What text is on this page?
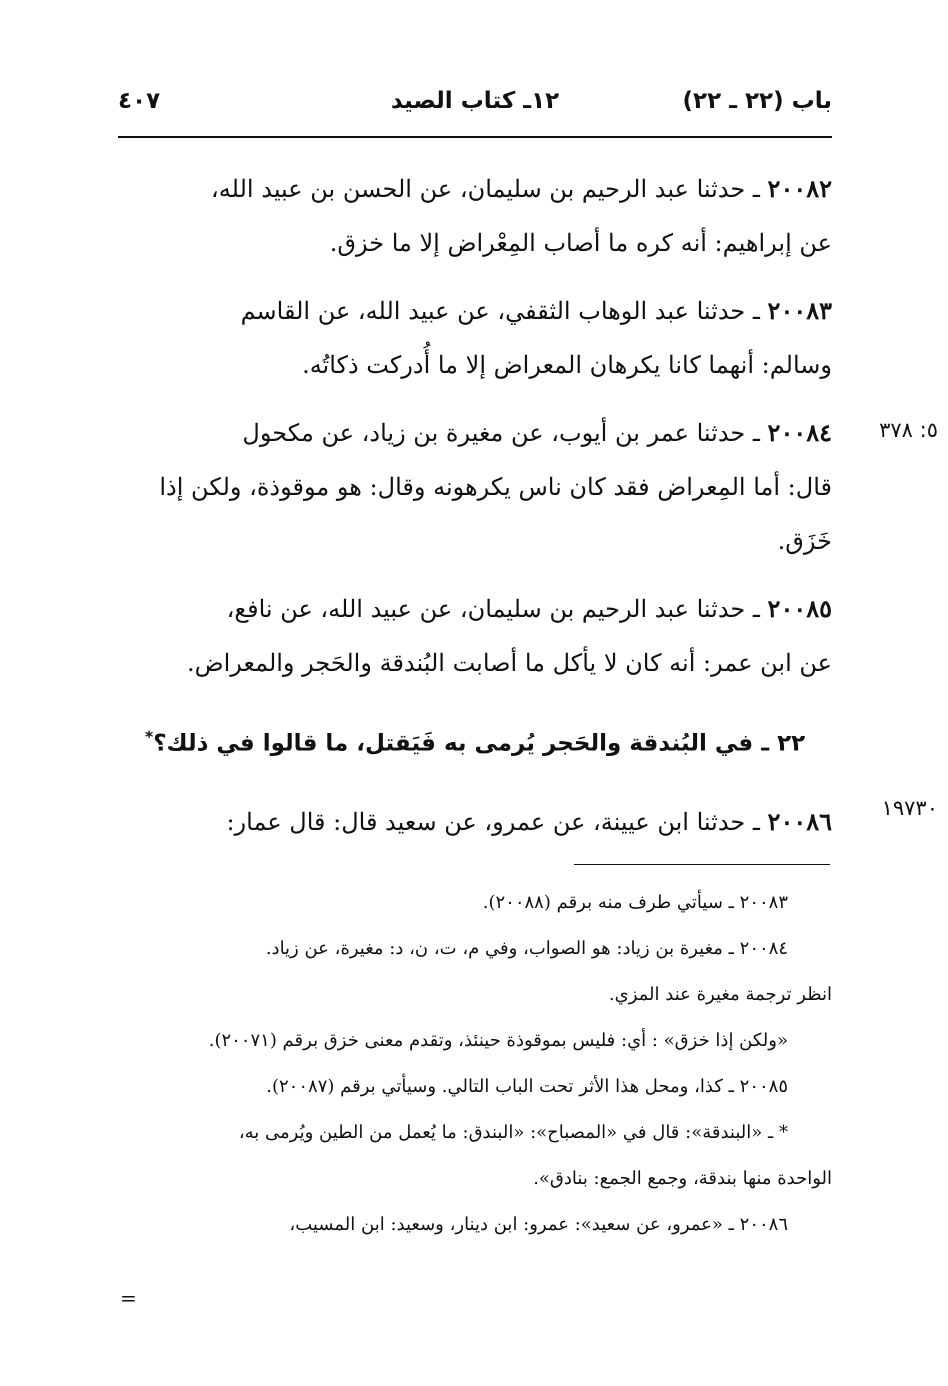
باب (٢٢ ـ ٢٢)
١٢ـ كتاب الصيد
٤٠٧
٢٠٠٨٢ ـ حدثنا عبد الرحيم بن سليمان، عن الحسن بن عبيد الله،
عن إبراهيم: أنه كره ما أصاب المِعْراض إلا ما خزق.
٢٠٠٨٣ ـ حدثنا عبد الوهاب الثقفي، عن عبيد الله، عن القاسم
وسالم: أنهما كانا يكرهان المعراض إلا ما أُدركت ذكاتُه.
٢٠٠٨٤ ـ حدثنا عمر بن أيوب، عن مغيرة بن زياد، عن مكحول
قال: أما المِعراض فقد كان ناس يكرهونه وقال: هو موقوذة، ولكن إذا
خَزَق.
٢٠٠٨٥ ـ حدثنا عبد الرحيم بن سليمان، عن عبيد الله، عن نافع،
عن ابن عمر: أنه كان لا يأكل ما أصابت البُندقة والحَجر والمعراض.
٢٢ ـ في البُندقة والحَجر يُرمى به فَيَقتل، ما قالوا في ذلك؟*
٢٠٠٨٦ ـ حدثنا ابن عيينة، عن عمرو، عن سعيد قال: قال عمار:
٥: ٣٧٨
١٩٧٣٠
٢٠٠٨٣ ـ سيأتي طرف منه برقم (٢٠٠٨٨).
٢٠٠٨٤ ـ مغيرة بن زياد: هو الصواب، وفي م، ت، ن، د: مغيرة، عن زياد.
انظر ترجمة مغيرة عند المزي.
«ولكن إذا خزق» : أي: فليس بموقوذة حينئذ، وتقدم معنى خزق برقم (٢٠٠٧١).
٢٠٠٨٥ ـ كذا، ومحل هذا الأثر تحت الباب التالي. وسيأتي برقم (٢٠٠٨٧).
* ـ «البندقة»: قال في «المصباح»: «البندق: ما يُعمل من الطين ويُرمى به،
الواحدة منها بندقة، وجمع الجمع: بنادق».
٢٠٠٨٦ ـ «عمرو، عن سعيد»: عمرو: ابن دينار، وسعيد: ابن المسيب،
=
